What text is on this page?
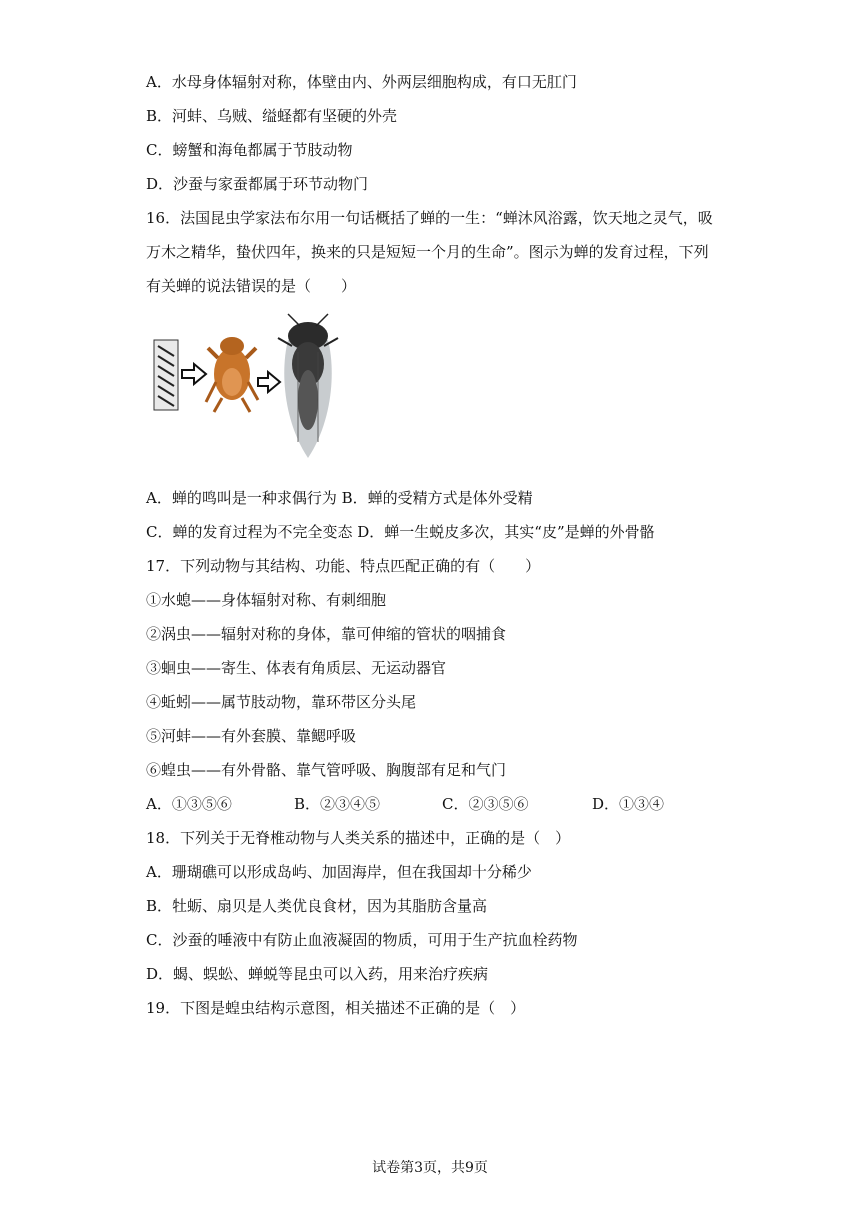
A．水母身体辐射对称，体壁由内、外两层细胞构成，有口无肛门
B．河蚌、乌贼、缢蛏都有坚硬的外壳
C．螃蟹和海龟都属于节肢动物
D．沙蚕与家蚕都属于环节动物门
16．法国昆虫学家法布尔用一句话概括了蝉的一生：“蝉沐风浴露，饮天地之灵气，吸
万木之精华，蛰伏四年，换来的只是短短一个月的生命”。图示为蝉的发育过程，下列
有关蝉的说法错误的是（　　）
A．蝉的鸣叫是一种求偶行为 B．蝉的受精方式是体外受精
C．蝉的发育过程为不完全变态 D．蝉一生蜕皮多次，其实“皮”是蝉的外骨骼
17．下列动物与其结构、功能、特点匹配正确的有（　　）
①水螅——身体辐射对称、有刺细胞
②涡虫——辐射对称的身体，靠可伸缩的管状的咽捕食
③蛔虫——寄生、体表有角质层、无运动器官
④蚯蚓——属节肢动物，靠环带区分头尾
⑤河蚌——有外套膜、靠鳃呼吸
⑥蝗虫——有外骨骼、靠气管呼吸、胸腹部有足和气门
A．①③⑤⑥	B．②③④⑤	C．②③⑤⑥	D．①③④
18．下列关于无脊椎动物与人类关系的描述中，正确的是（　）
A．珊瑚礁可以形成岛屿、加固海岸，但在我国却十分稀少
B．牡蛎、扇贝是人类优良食材，因为其脂肪含量高
C．沙蚕的唾液中有防止血液凝固的物质，可用于生产抗血栓药物
D．蝎、蜈蚣、蝉蜕等昆虫可以入药，用来治疗疾病
19．下图是蝗虫结构示意图，相关描述不正确的是（　）
试卷第3页，共9页
